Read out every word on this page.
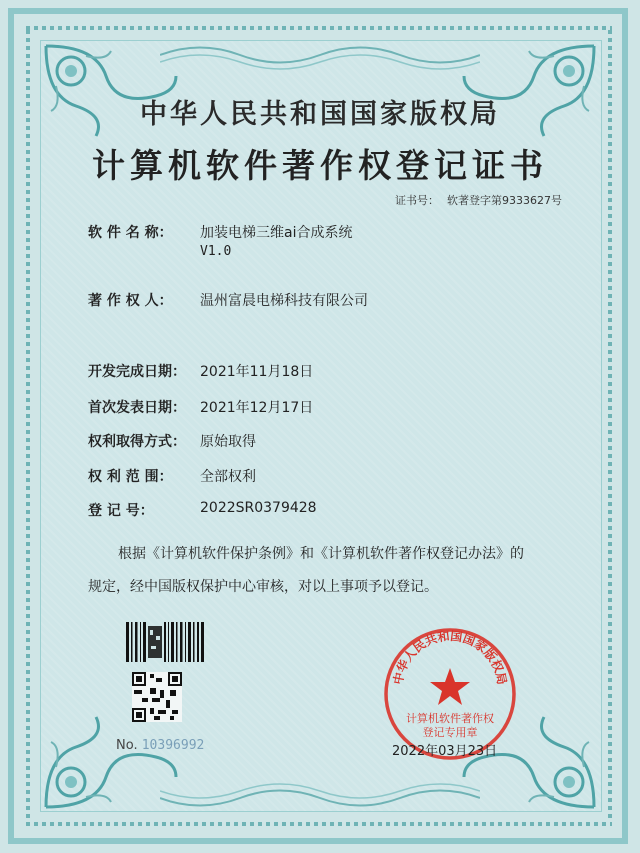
中华人民共和国国家版权局
计算机软件著作权登记证书
证书号： 软著登字第9333627号
软 件 名 称： 加装电梯三维ai合成系统
V1.0
著 作 权 人： 温州富晨电梯科技有限公司
开发完成日期： 2021年11月18日
首次发表日期： 2021年12月17日
权利取得方式： 原始取得
权 利 范 围： 全部权利
登 记 号：	2022SR0379428
根据《计算机软件保护条例》和《计算机软件著作权登记办法》的
规定，经中国版权保护中心审核，对以上事项予以登记。
No. 10396992
中华人民共和国国家版权局
计算机软件著作权
登记专用章
2022年03月23日
